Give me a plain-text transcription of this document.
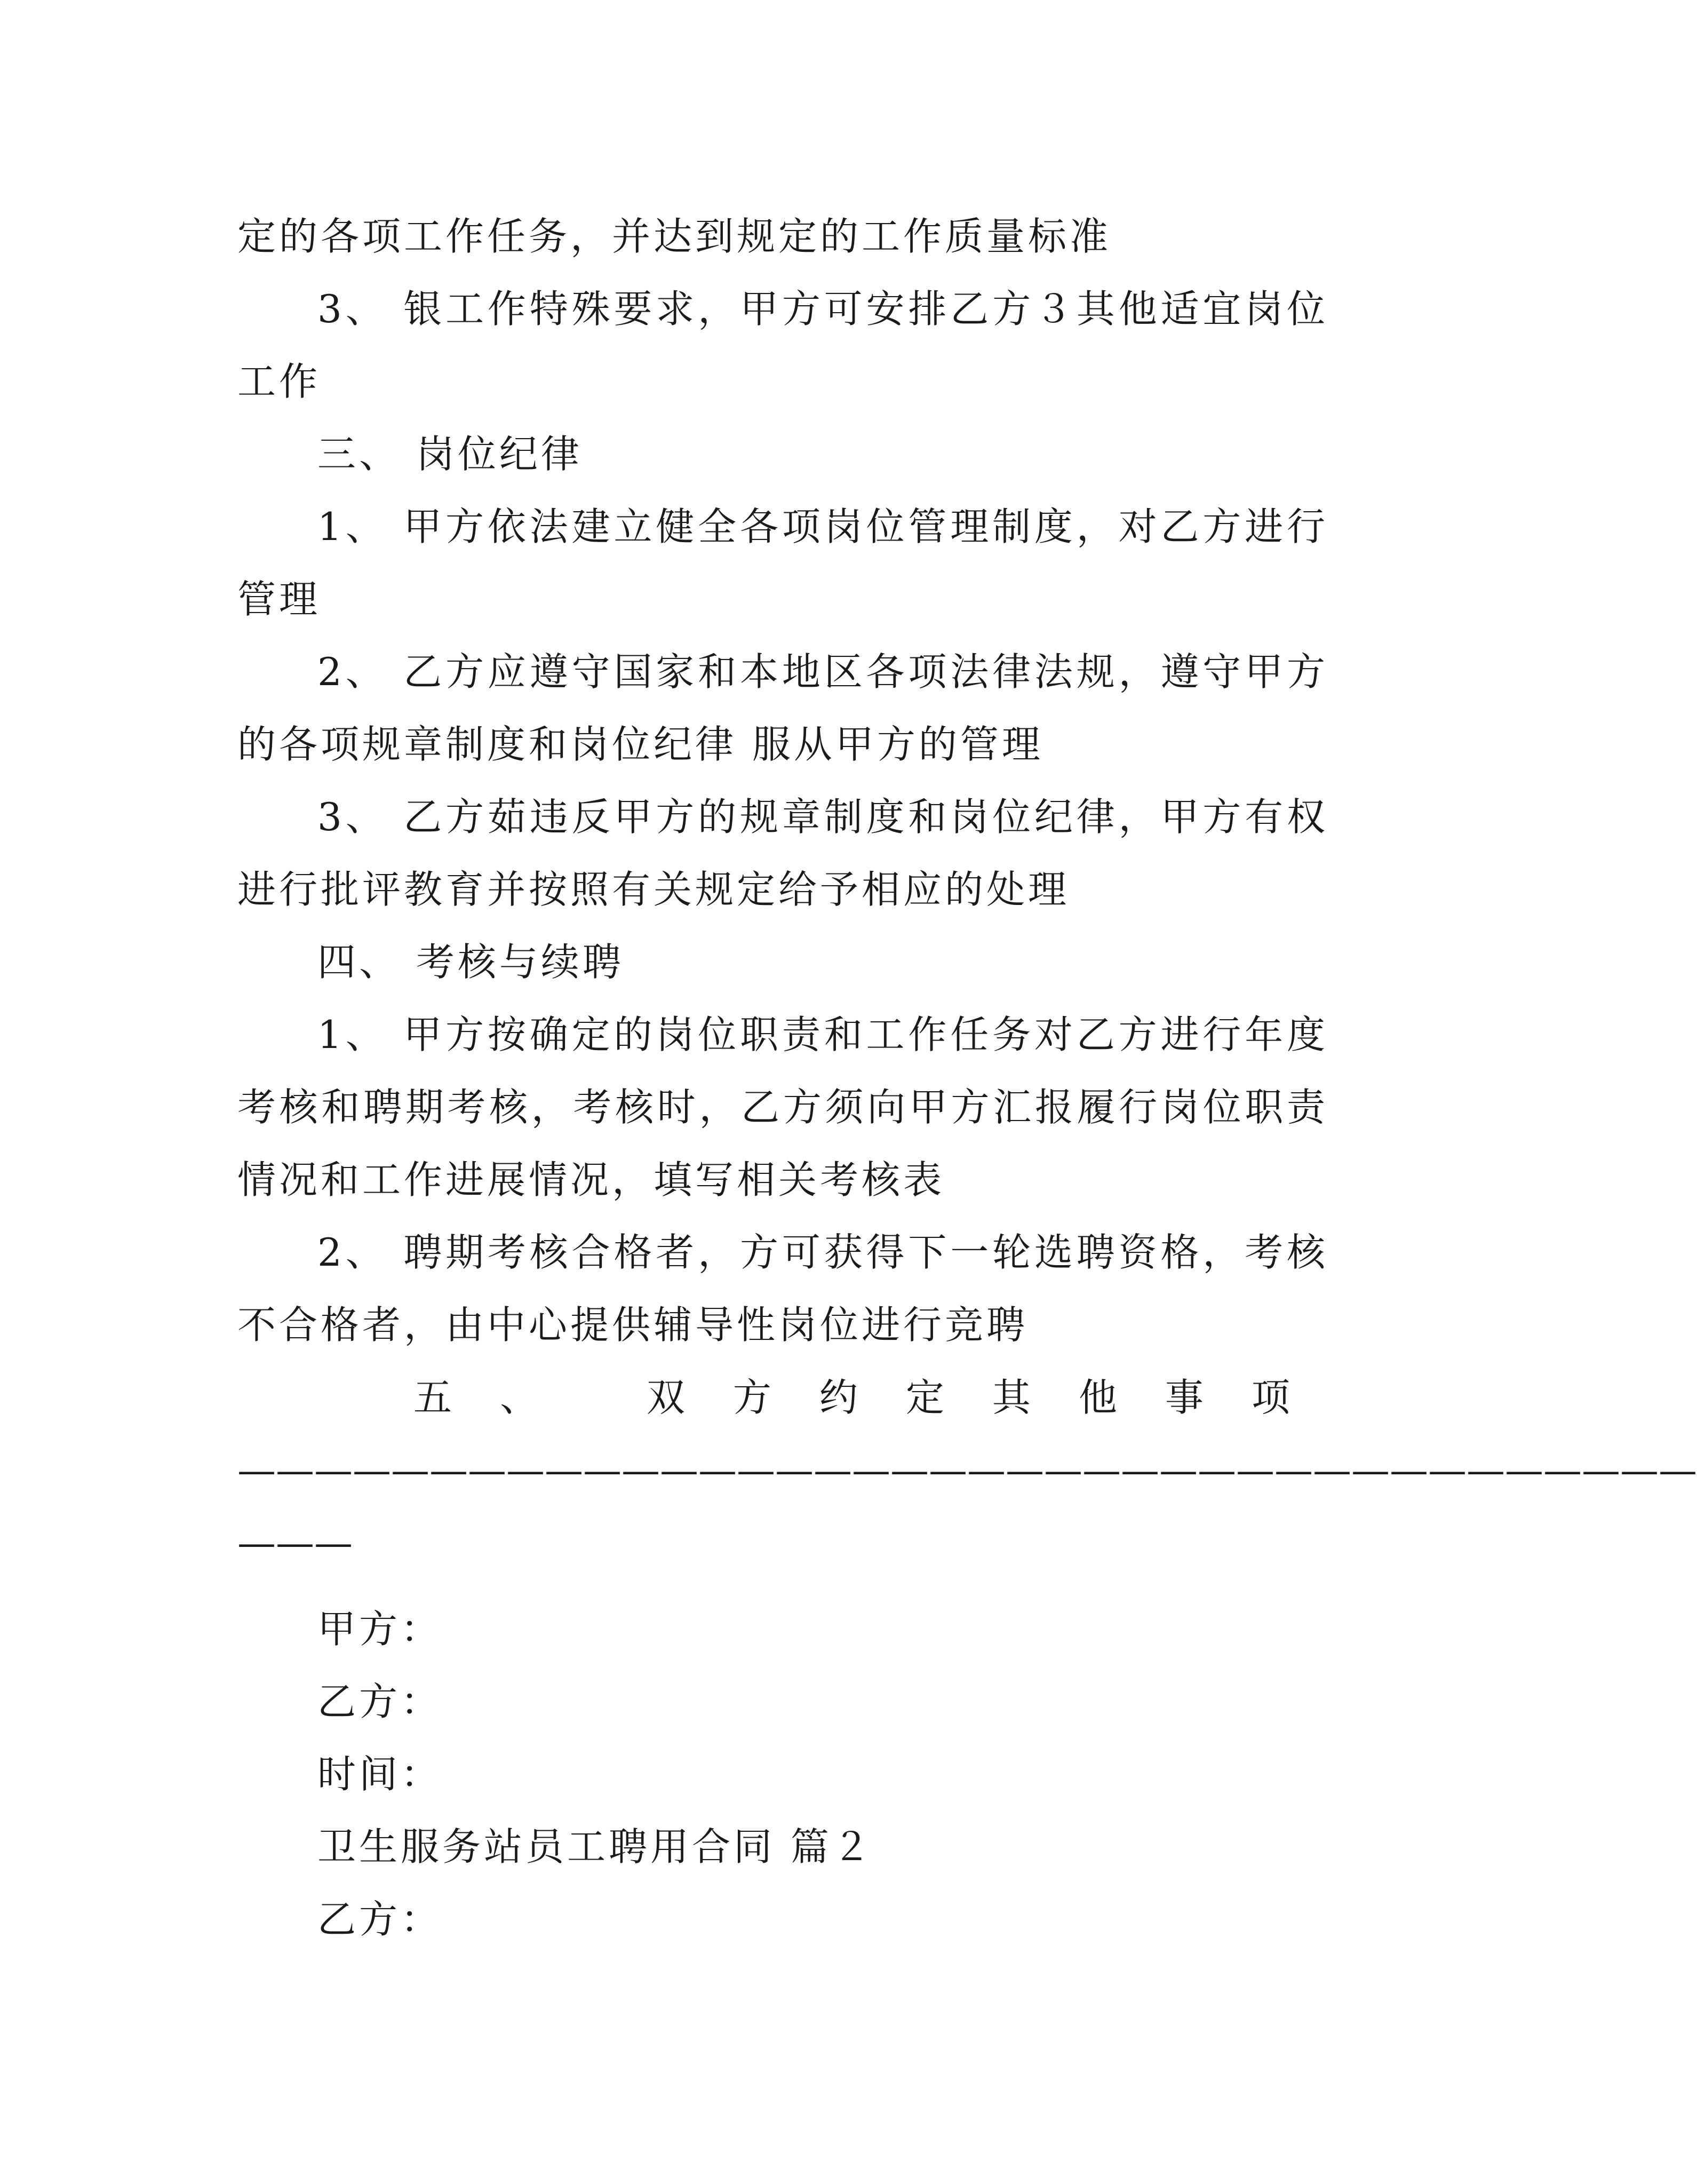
定的各项工作任务，并达到规定的工作质量标准

3、 银工作特殊要求，甲方可安排乙方３其他适宜岗位工作

三、 岗位纪律

1、 甲方依法建立健全各项岗位管理制度，对乙方进行管理

2、 乙方应遵守国家和本地区各项法律法规，遵守甲方的各项规章制度和岗位纪律 服从甲方的管理

3、 乙方茹违反甲方的规章制度和岗位纪律，甲方有权进行批评教育并按照有关规定给予相应的处理

四、 考核与续聘

1、 甲方按确定的岗位职责和工作任务对乙方进行年度考核和聘期考核，考核时，乙方须向甲方汇报履行岗位职责情况和工作进展情况，填写相关考核表

2、 聘期考核合格者，方可获得下一轮选聘资格，考核不合格者，由中心提供辅导性岗位进行竞聘

五、 双方约定其他事项

——————————————————————————————————————

———

甲方：

乙方：

时间：

卫生服务站员工聘用合同 篇２

乙方：
